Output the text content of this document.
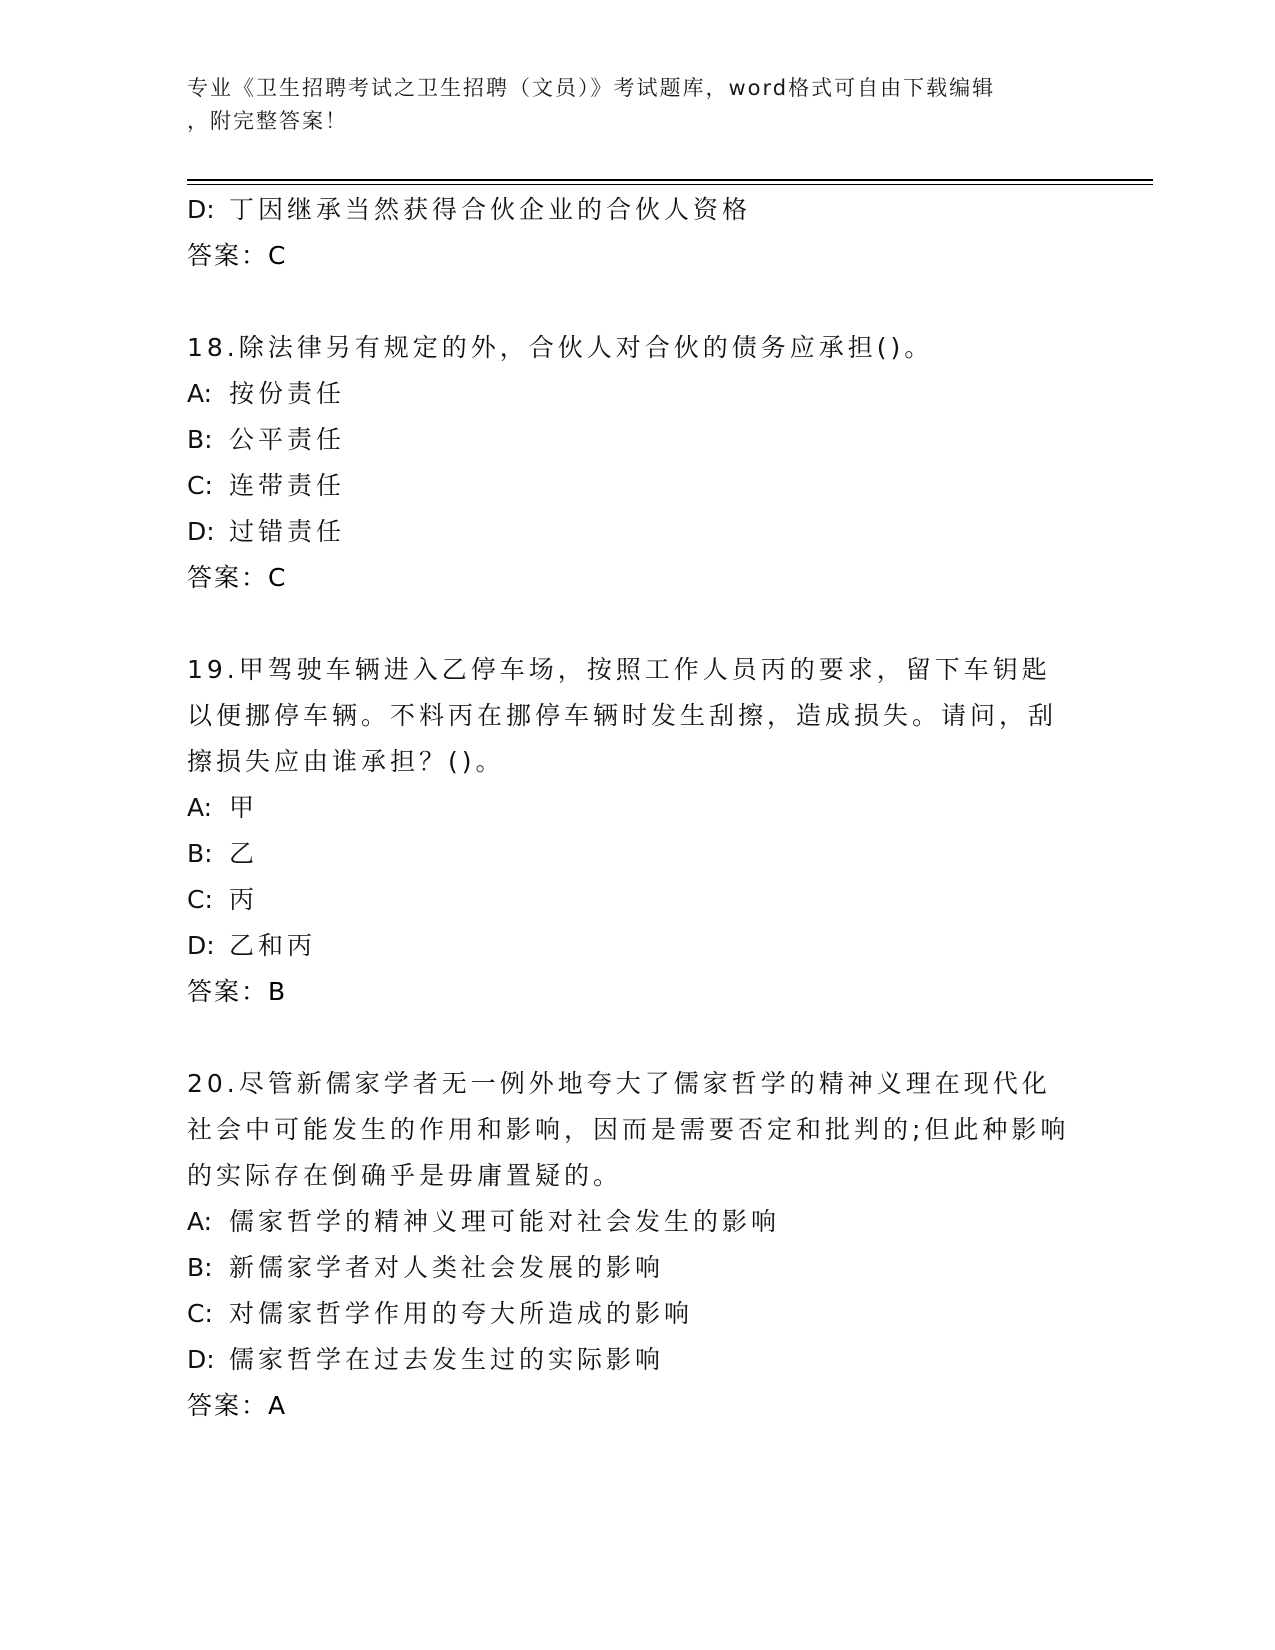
专业《卫生招聘考试之卫生招聘（文员）》考试题库，word格式可自由下载编辑
，附完整答案！
D: 丁因继承当然获得合伙企业的合伙人资格
答案：C
18.除法律另有规定的外，合伙人对合伙的债务应承担()。
A: 按份责任
B: 公平责任
C: 连带责任
D: 过错责任
答案：C
19.甲驾驶车辆进入乙停车场，按照工作人员丙的要求，留下车钥匙以便挪停车辆。不料丙在挪停车辆时发生刮擦，造成损失。请问，刮擦损失应由谁承担？()。
A: 甲
B: 乙
C: 丙
D: 乙和丙
答案：B
20.尽管新儒家学者无一例外地夸大了儒家哲学的精神义理在现代化社会中可能发生的作用和影响，因而是需要否定和批判的;但此种影响的实际存在倒确乎是毋庸置疑的。
A: 儒家哲学的精神义理可能对社会发生的影响
B: 新儒家学者对人类社会发展的影响
C: 对儒家哲学作用的夸大所造成的影响
D: 儒家哲学在过去发生过的实际影响
答案：A
